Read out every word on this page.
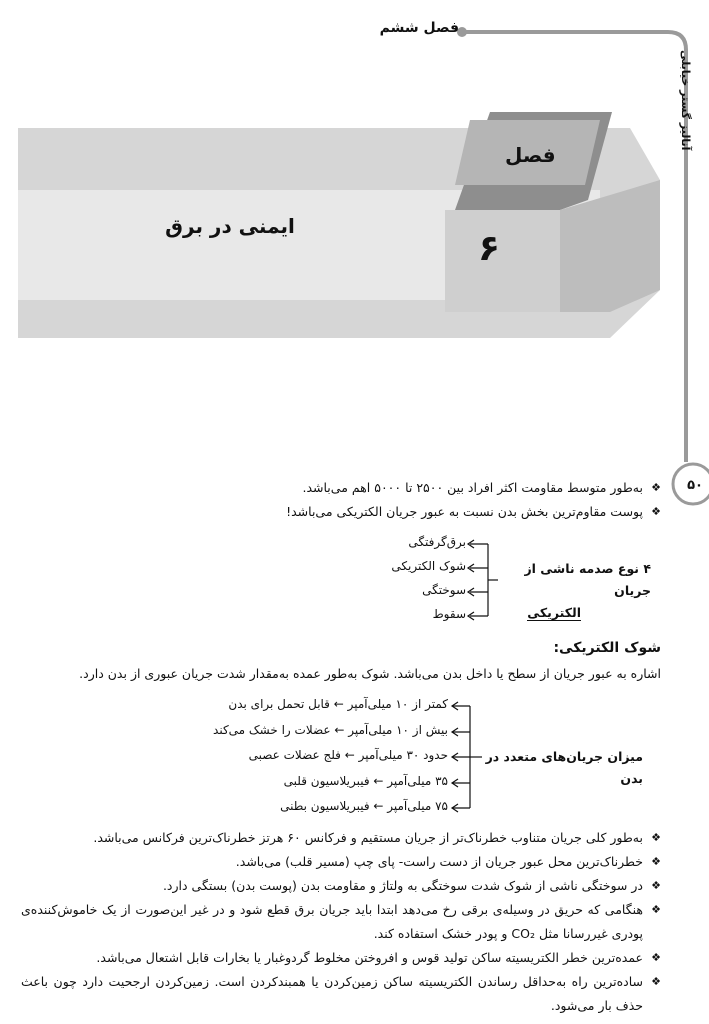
فصل ششم
آنالیز گستر خیابلی
۵۰
فصل
۶
ایمنی در برق
❖ به‌طور متوسط مقاومت اکثر افراد بین ۲۵۰۰ تا ۵۰۰۰ اهم می‌باشد.
❖ پوست مقاوم‌ترین بخش بدن نسبت به عبور جریان الکتریکی می‌باشد!
۴ نوع صدمه ناشی از جریان
الکتریکی
برق‌گرفتگی
شوک الکتریکی
سوختگی
سقوط
شوک الکتریکی:
اشاره به عبور جریان از سطح یا داخل بدن می‌باشد. شوک به‌طور عمده به‌مقدار شدت جریان عبوری از بدن دارد.
میزان جریان‌های متعدد در بدن
کمتر از ۱۰ میلی‌آمپر ← قابل تحمل برای بدن
بیش از ۱۰ میلی‌آمپر ← عضلات را خشک می‌کند
حدود ۳۰ میلی‌آمپر ← فلج عضلات عصبی
۳۵ میلی‌آمپر ← فیبریلاسیون قلبی
۷۵ میلی‌آمپر ← فیبریلاسیون بطنی
❖ به‌طور کلی جریان متناوب خطرناک‌تر از جریان مستقیم و فرکانس ۶۰ هرتز خطرناک‌ترین فرکانس می‌باشد.
❖ خطرناک‌ترین محل عبور جریان از دست راست- پای چپ (مسیر قلب) می‌باشد.
❖ در سوختگی ناشی از شوک شدت سوختگی به ولتاژ و مقاومت بدن (پوست بدن) بستگی دارد.
❖ هنگامی که حریق در وسیله‌ی برقی رخ می‌دهد ابتدا باید جریان برق قطع شود و در غیر این‌صورت از یک خاموش‌کننده‌ی پودری غیررسانا مثل CO₂ و پودر خشک استفاده کند.
❖ عمده‌ترین خطر الکتریسیته ساکن تولید قوس و افروختن مخلوط گردوغبار یا بخارات قابل اشتعال می‌باشد.
❖ ساده‌ترین راه به‌حداقل رساندن الکتریسیته ساکن زمین‌کردن یا همبندکردن است. زمین‌کردن ارجحیت دارد چون باعث حذف بار می‌شود.
